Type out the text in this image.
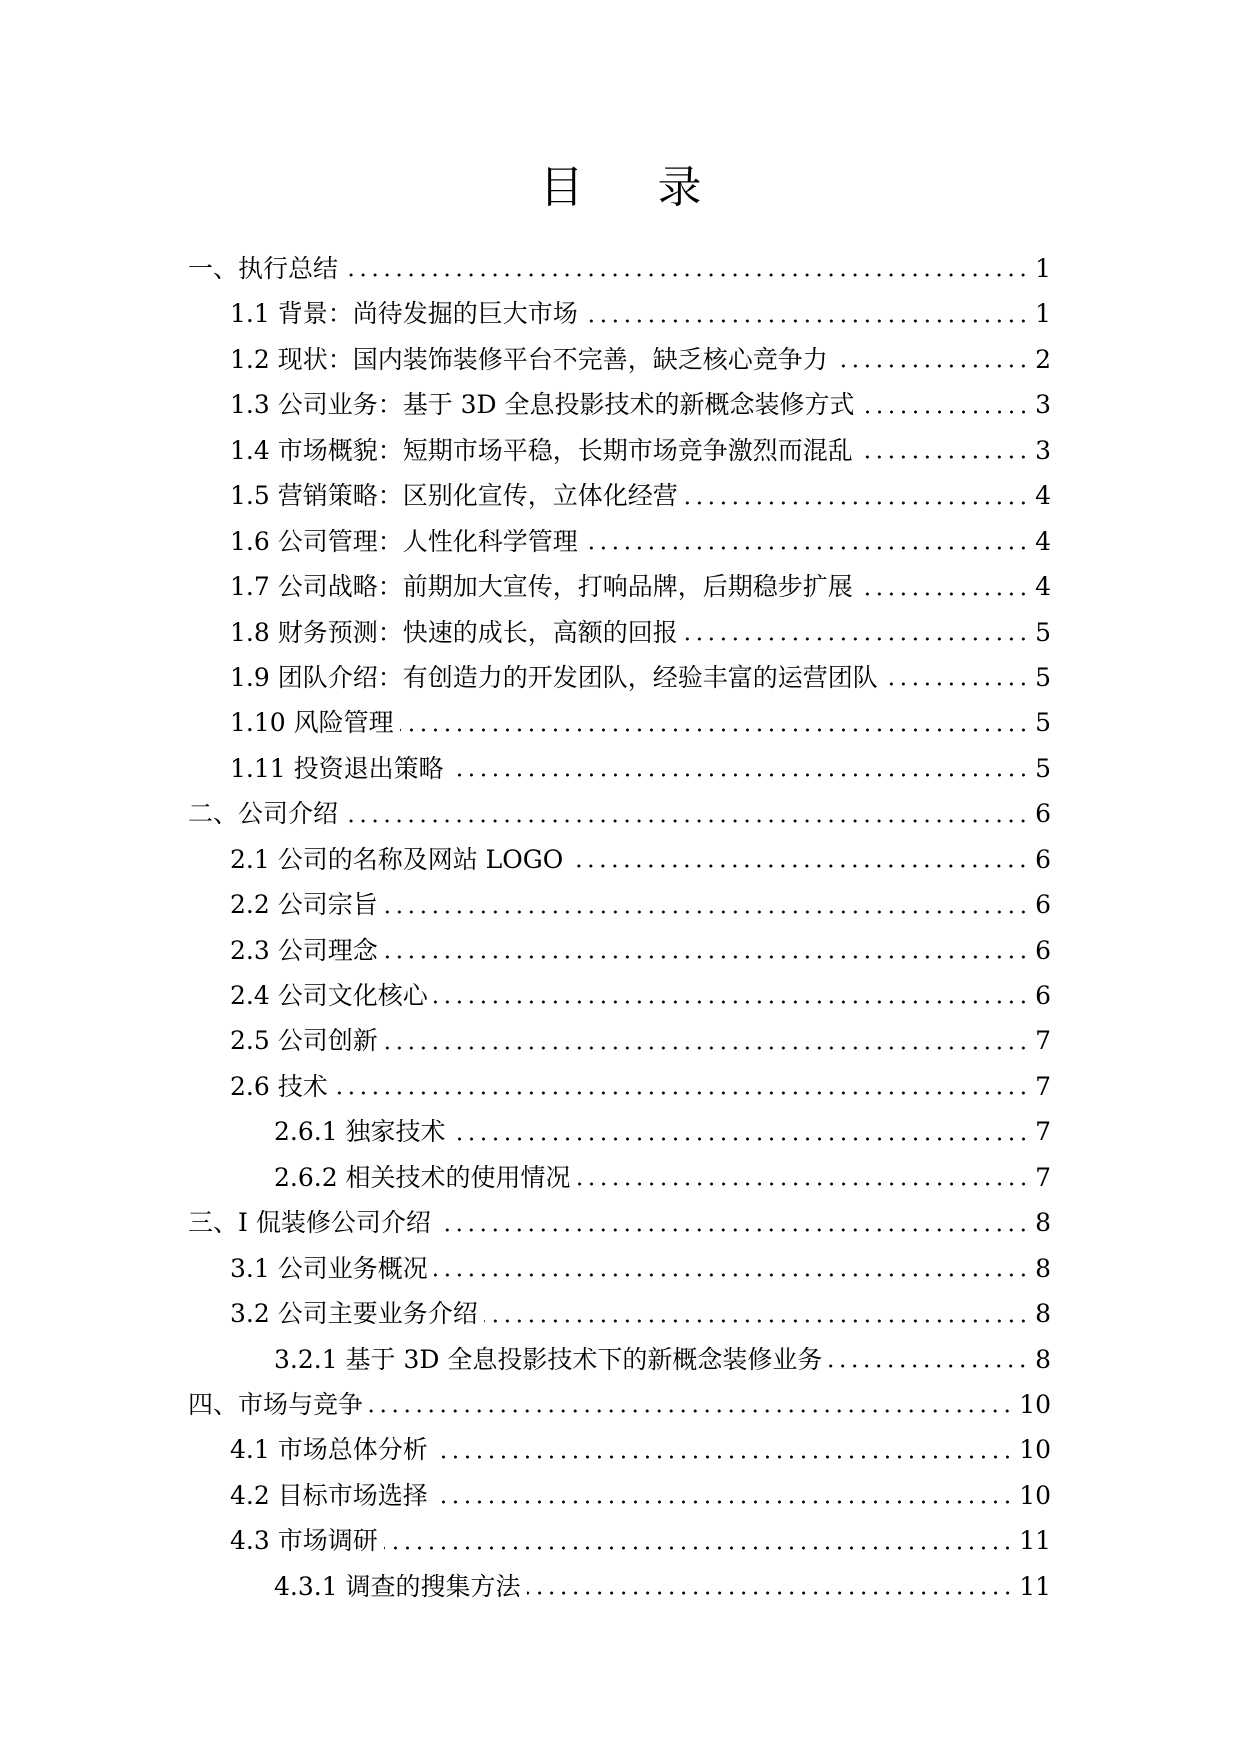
目 录
一、执行总结	1
1.1 背景：尚待发掘的巨大市场	1
1.2 现状：国内装饰装修平台不完善，缺乏核心竞争力	2
1.3 公司业务：基于 3D 全息投影技术的新概念装修方式	3
1.4 市场概貌：短期市场平稳，长期市场竞争激烈而混乱	3
1.5 营销策略：区别化宣传，立体化经营	4
1.6 公司管理：人性化科学管理	4
1.7 公司战略：前期加大宣传，打响品牌，后期稳步扩展	4
1.8 财务预测：快速的成长，高额的回报	5
1.9 团队介绍：有创造力的开发团队，经验丰富的运营团队	5
1.10 风险管理	5
1.11 投资退出策略	5
二、公司介绍	6
2.1 公司的名称及网站 LOGO	6
2.2 公司宗旨	6
2.3 公司理念	6
2.4 公司文化核心	6
2.5 公司创新	7
2.6 技术	7
2.6.1 独家技术	7
2.6.2 相关技术的使用情况	7
三、I 侃装修公司介绍	8
3.1 公司业务概况	8
3.2 公司主要业务介绍	8
3.2.1 基于 3D 全息投影技术下的新概念装修业务	8
四、市场与竞争	10
4.1 市场总体分析	10
4.2 目标市场选择	10
4.3 市场调研	11
4.3.1 调查的搜集方法	11
